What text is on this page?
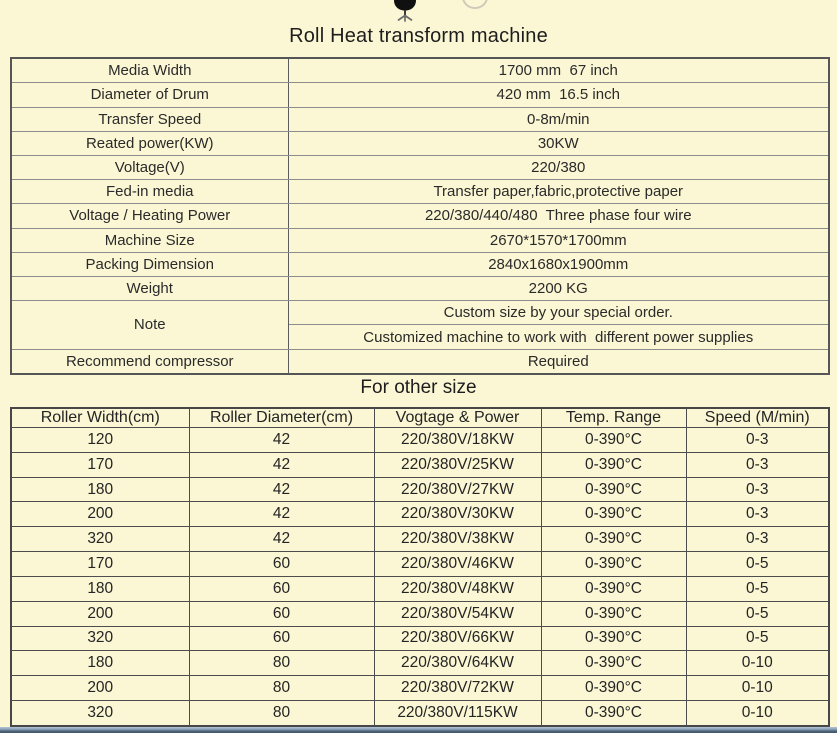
Roll Heat transform machine
Media Width	1700 mm  67 inch
Diameter of Drum	420 mm  16.5 inch
Transfer Speed	0-8m/min
Reated power(KW)	30KW
Voltage(V)	220/380
Fed-in media	Transfer paper,fabric,protective paper
Voltage / Heating Power	220/380/440/480  Three phase four wire
Machine Size	2670*1570*1700mm
Packing Dimension	2840x1680x1900mm
Weight	2200 KG
Note	Custom size by your special order.
	Customized machine to work with  different power supplies
Recommend compressor	Required
For other size
Roller Width(cm)	Roller Diameter(cm)	Vogtage & Power	Temp. Range	Speed (M/min)
120	42	220/380V/18KW	0-390°C	0-3
170	42	220/380V/25KW	0-390°C	0-3
180	42	220/380V/27KW	0-390°C	0-3
200	42	220/380V/30KW	0-390°C	0-3
320	42	220/380V/38KW	0-390°C	0-3
170	60	220/380V/46KW	0-390°C	0-5
180	60	220/380V/48KW	0-390°C	0-5
200	60	220/380V/54KW	0-390°C	0-5
320	60	220/380V/66KW	0-390°C	0-5
180	80	220/380V/64KW	0-390°C	0-10
200	80	220/380V/72KW	0-390°C	0-10
320	80	220/380V/115KW	0-390°C	0-10
